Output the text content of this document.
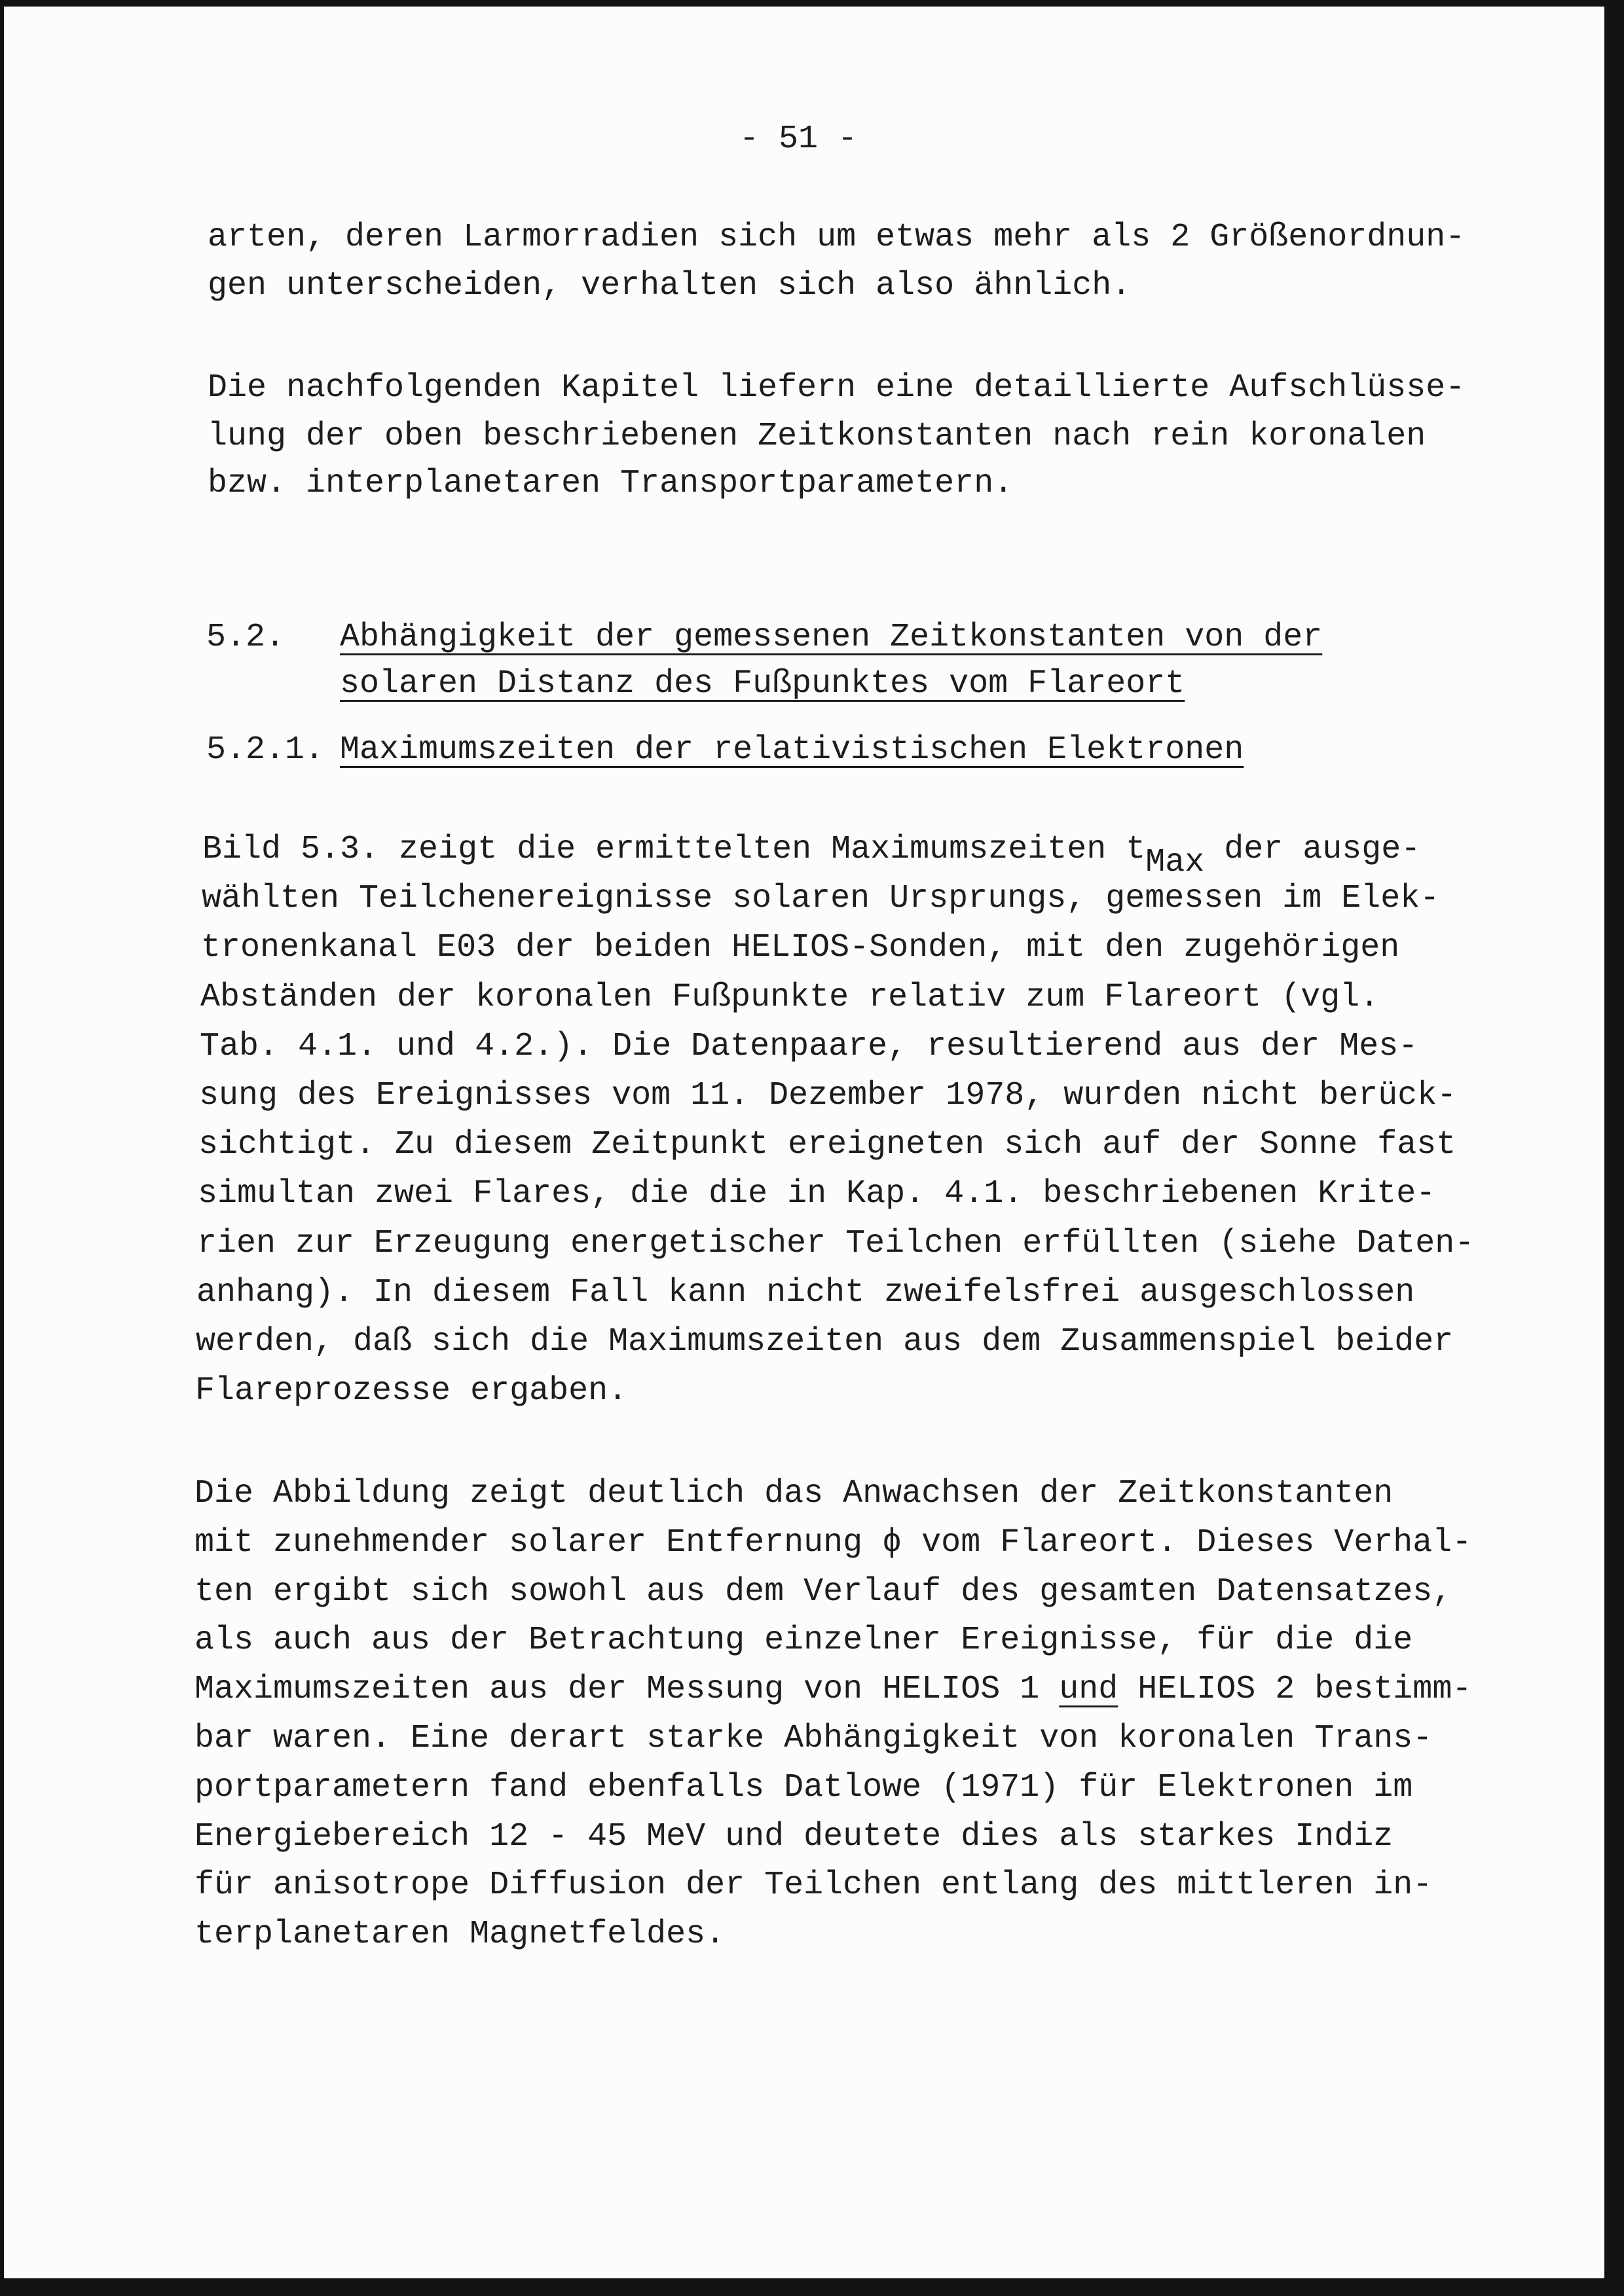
- 51 -
arten, deren Larmorradien sich um etwas mehr als 2 Größenordnun-
gen unterscheiden, verhalten sich also ähnlich.
Die nachfolgenden Kapitel liefern eine detaillierte Aufschlüsse-
lung der oben beschriebenen Zeitkonstanten nach rein koronalen
bzw. interplanetaren Transportparametern.
5.2. Abhängigkeit der gemessenen Zeitkonstanten von der
solaren Distanz des Fußpunktes vom Flareort
5.2.1. Maximumszeiten der relativistischen Elektronen
Bild 5.3. zeigt die ermittelten Maximumszeiten tMax der ausge-
wählten Teilchenereignisse solaren Ursprungs, gemessen im Elek-
tronenkanal E03 der beiden HELIOS-Sonden, mit den zugehörigen
Abständen der koronalen Fußpunkte relativ zum Flareort (vgl.
Tab. 4.1. und 4.2.). Die Datenpaare, resultierend aus der Mes-
sung des Ereignisses vom 11. Dezember 1978, wurden nicht berück-
sichtigt. Zu diesem Zeitpunkt ereigneten sich auf der Sonne fast
simultan zwei Flares, die die in Kap. 4.1. beschriebenen Krite-
rien zur Erzeugung energetischer Teilchen erfüllten (siehe Daten-
anhang). In diesem Fall kann nicht zweifelsfrei ausgeschlossen
werden, daß sich die Maximumszeiten aus dem Zusammenspiel beider
Flareprozesse ergaben.
Die Abbildung zeigt deutlich das Anwachsen der Zeitkonstanten
mit zunehmender solarer Entfernung ϕ vom Flareort. Dieses Verhal-
ten ergibt sich sowohl aus dem Verlauf des gesamten Datensatzes,
als auch aus der Betrachtung einzelner Ereignisse, für die die
Maximumszeiten aus der Messung von HELIOS 1 und HELIOS 2 bestimm-
bar waren. Eine derart starke Abhängigkeit von koronalen Trans-
portparametern fand ebenfalls Datlowe (1971) für Elektronen im
Energiebereich 12 - 45 MeV und deutete dies als starkes Indiz
für anisotrope Diffusion der Teilchen entlang des mittleren in-
terplanetaren Magnetfeldes.
